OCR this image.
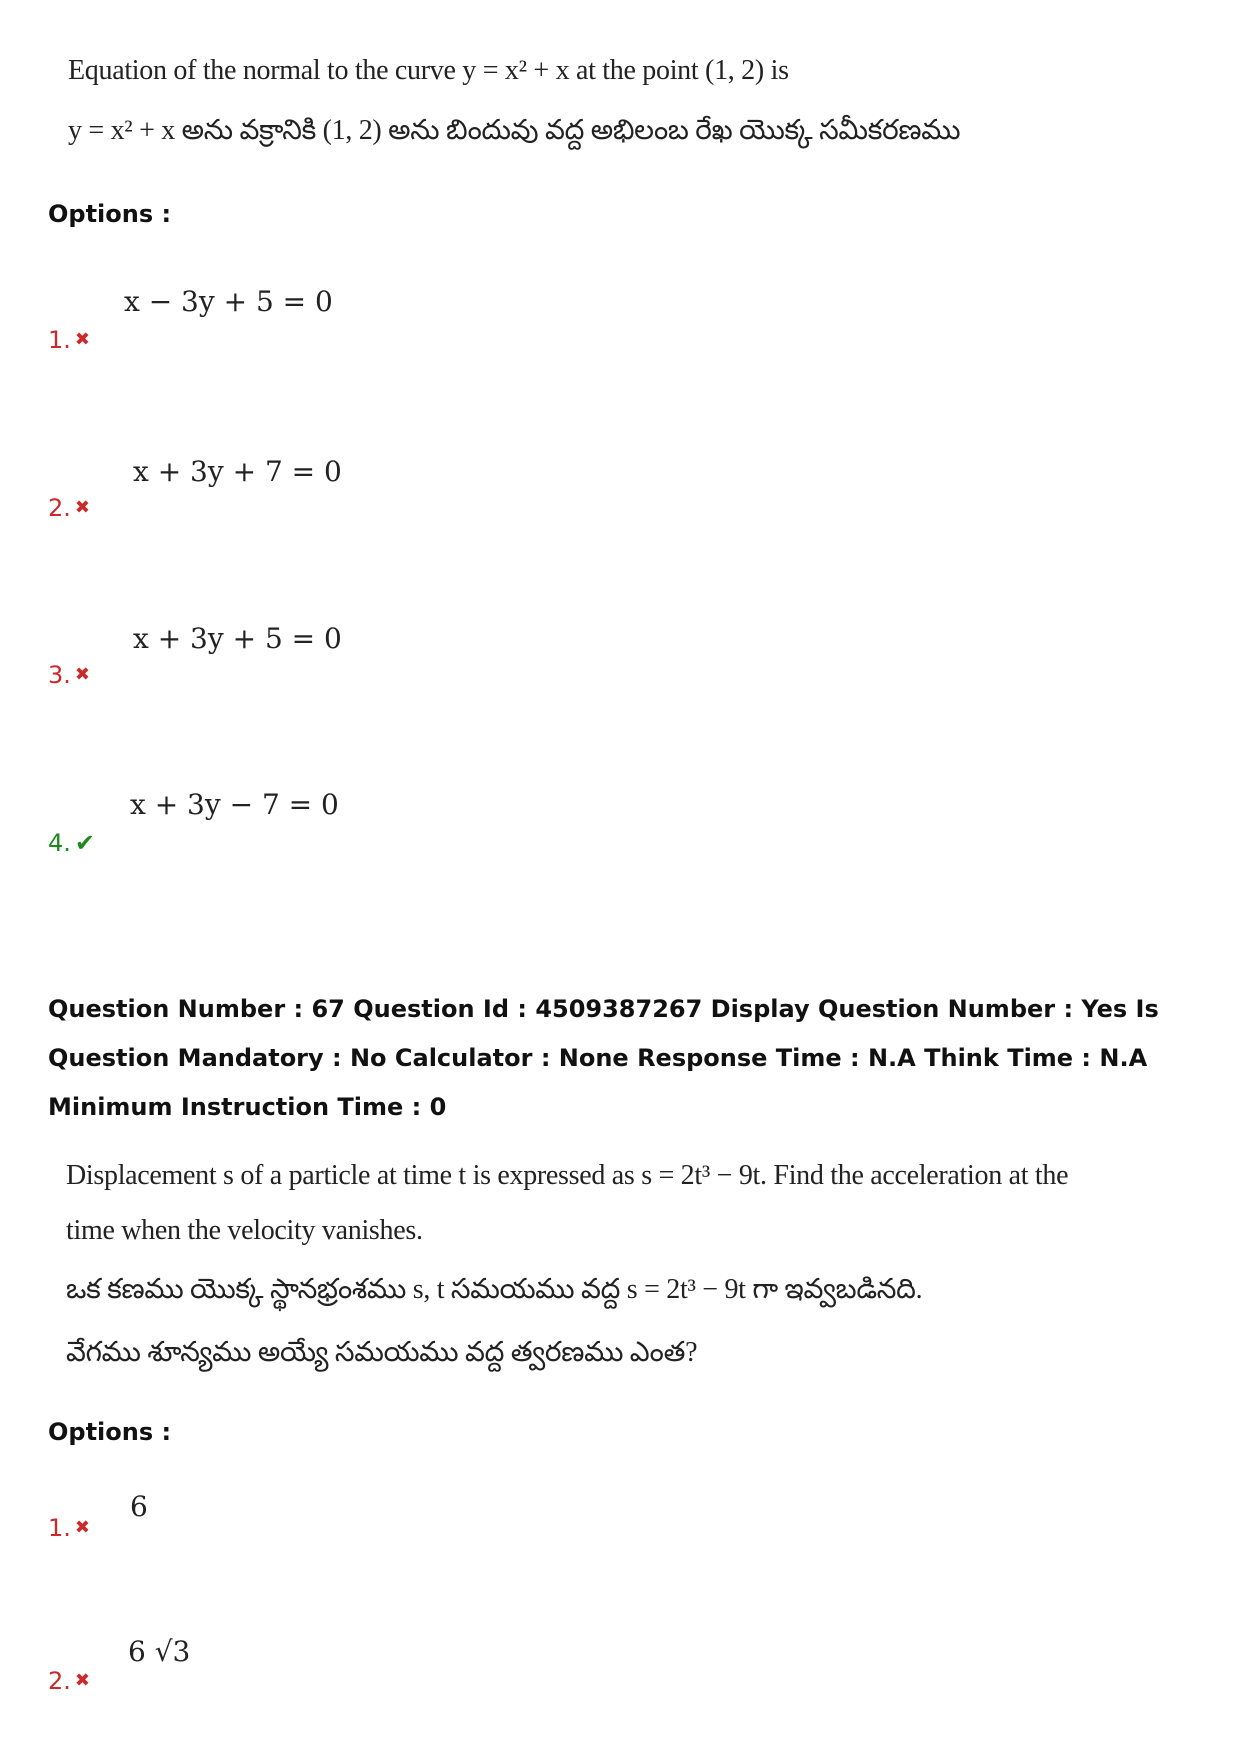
Equation of the normal to the curve y = x² + x at the point (1, 2) is
y = x² + x అను వక్రానికి (1, 2) అను బిందువు వద్ద అభిలంబ రేఖ యొక్క సమీకరణము
Options :
x − 3y + 5 = 0
1. ✖
x + 3y + 7 = 0
2. ✖
x + 3y + 5 = 0
3. ✖
x + 3y − 7 = 0
4. ✔
Question Number : 67 Question Id : 4509387267 Display Question Number : Yes Is Question Mandatory : No Calculator : None Response Time : N.A Think Time : N.A Minimum Instruction Time : 0
Displacement s of a particle at time t is expressed as s = 2t³ − 9t. Find the acceleration at the
time when the velocity vanishes.
ఒక కణము యొక్క స్థానభ్రంశము s, t సమయము వద్ద s = 2t³ − 9t గా ఇవ్వబడినది.
వేగము శూన్యము అయ్యే సమయము వద్ద త్వరణము ఎంత?
Options :
6
1. ✖
6 √3
2. ✖
